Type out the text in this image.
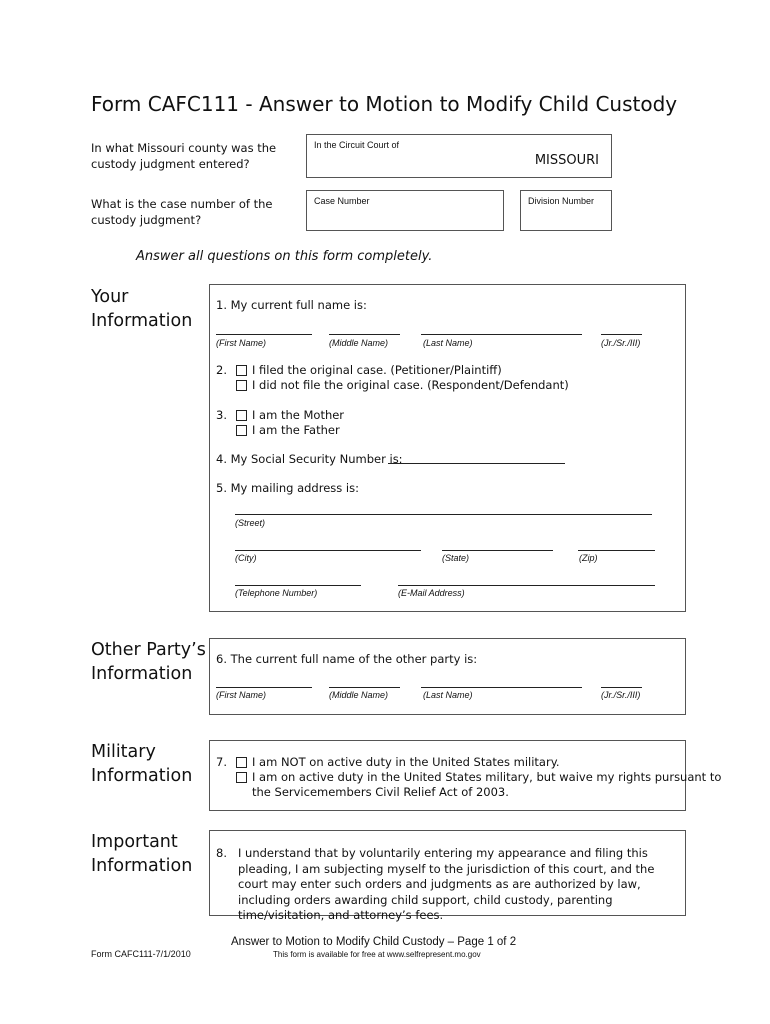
Form CAFC111 - Answer to Motion to Modify Child Custody
In what Missouri county was the custody judgment entered?
In the Circuit Court of
MISSOURI
What is the case number of the custody judgment?
Case Number	Division Number
Answer all questions on this form completely.
Your
Information
1. My current full name is:
(First Name)	(Middle Name)	(Last Name)	(Jr./Sr./III)
2. I filed the original case. (Petitioner/Plaintiff)
I did not file the original case. (Respondent/Defendant)
3. I am the Mother
I am the Father
4. My Social Security Number is:
5. My mailing address is:
(Street)
(City)	(State)	(Zip)
(Telephone Number)	(E-Mail Address)
Other Party’s
Information
6. The current full name of the other party is:
(First Name)	(Middle Name)	(Last Name)	(Jr./Sr./III)
Military
Information
7. I am NOT on active duty in the United States military.
I am on active duty in the United States military, but waive my rights pursuant to
the Servicemembers Civil Relief Act of 2003.
Important
Information
8. I understand that by voluntarily entering my appearance and filing this pleading, I am subjecting myself to the jurisdiction of this court, and the court may enter such orders and judgments as are authorized by law, including orders awarding child support, child custody, parenting time/visitation, and attorney’s fees.
Answer to Motion to Modify Child Custody – Page 1 of 2
Form CAFC111-7/1/2010	This form is available for free at www.selfrepresent.mo.gov
